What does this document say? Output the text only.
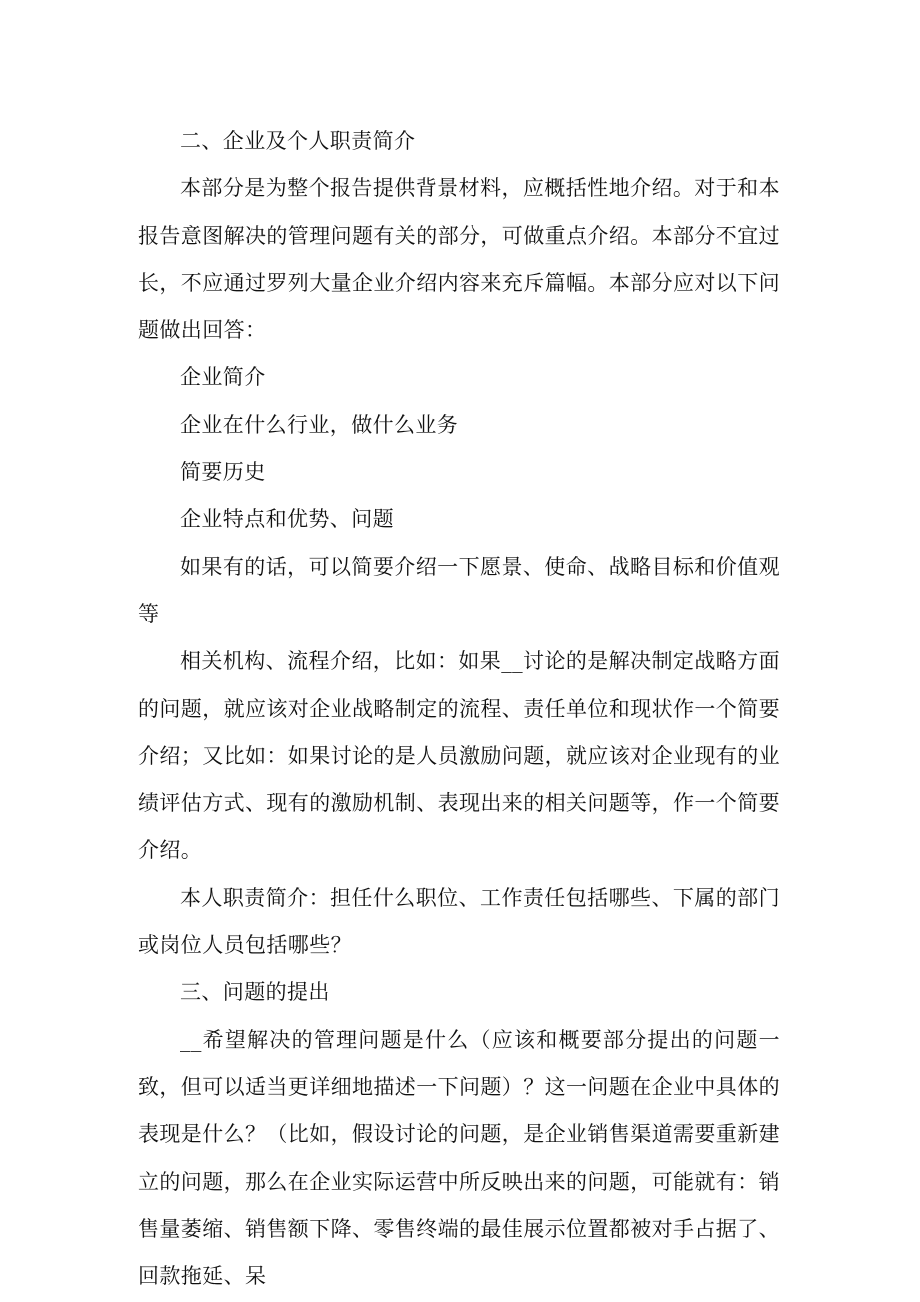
二、企业及个人职责简介

本部分是为整个报告提供背景材料，应概括性地介绍。对于和本报告意图解决的管理问题有关的部分，可做重点介绍。本部分不宜过长，不应通过罗列大量企业介绍内容来充斥篇幅。本部分应对以下问题做出回答：

企业简介

企业在什么行业，做什么业务

简要历史

企业特点和优势、问题

如果有的话，可以简要介绍一下愿景、使命、战略目标和价值观等

相关机构、流程介绍，比如：如果__讨论的是解决制定战略方面的问题，就应该对企业战略制定的流程、责任单位和现状作一个简要介绍；又比如：如果讨论的是人员激励问题，就应该对企业现有的业绩评估方式、现有的激励机制、表现出来的相关问题等，作一个简要介绍。

本人职责简介：担任什么职位、工作责任包括哪些、下属的部门或岗位人员包括哪些？

三、问题的提出

__希望解决的管理问题是什么（应该和概要部分提出的问题一致，但可以适当更详细地描述一下问题）？这一问题在企业中具体的表现是什么？（比如，假设讨论的问题，是企业销售渠道需要重新建立的问题，那么在企业实际运营中所反映出来的问题，可能就有：销售量萎缩、销售额下降、零售终端的最佳展示位置都被对手占据了、回款拖延、呆
